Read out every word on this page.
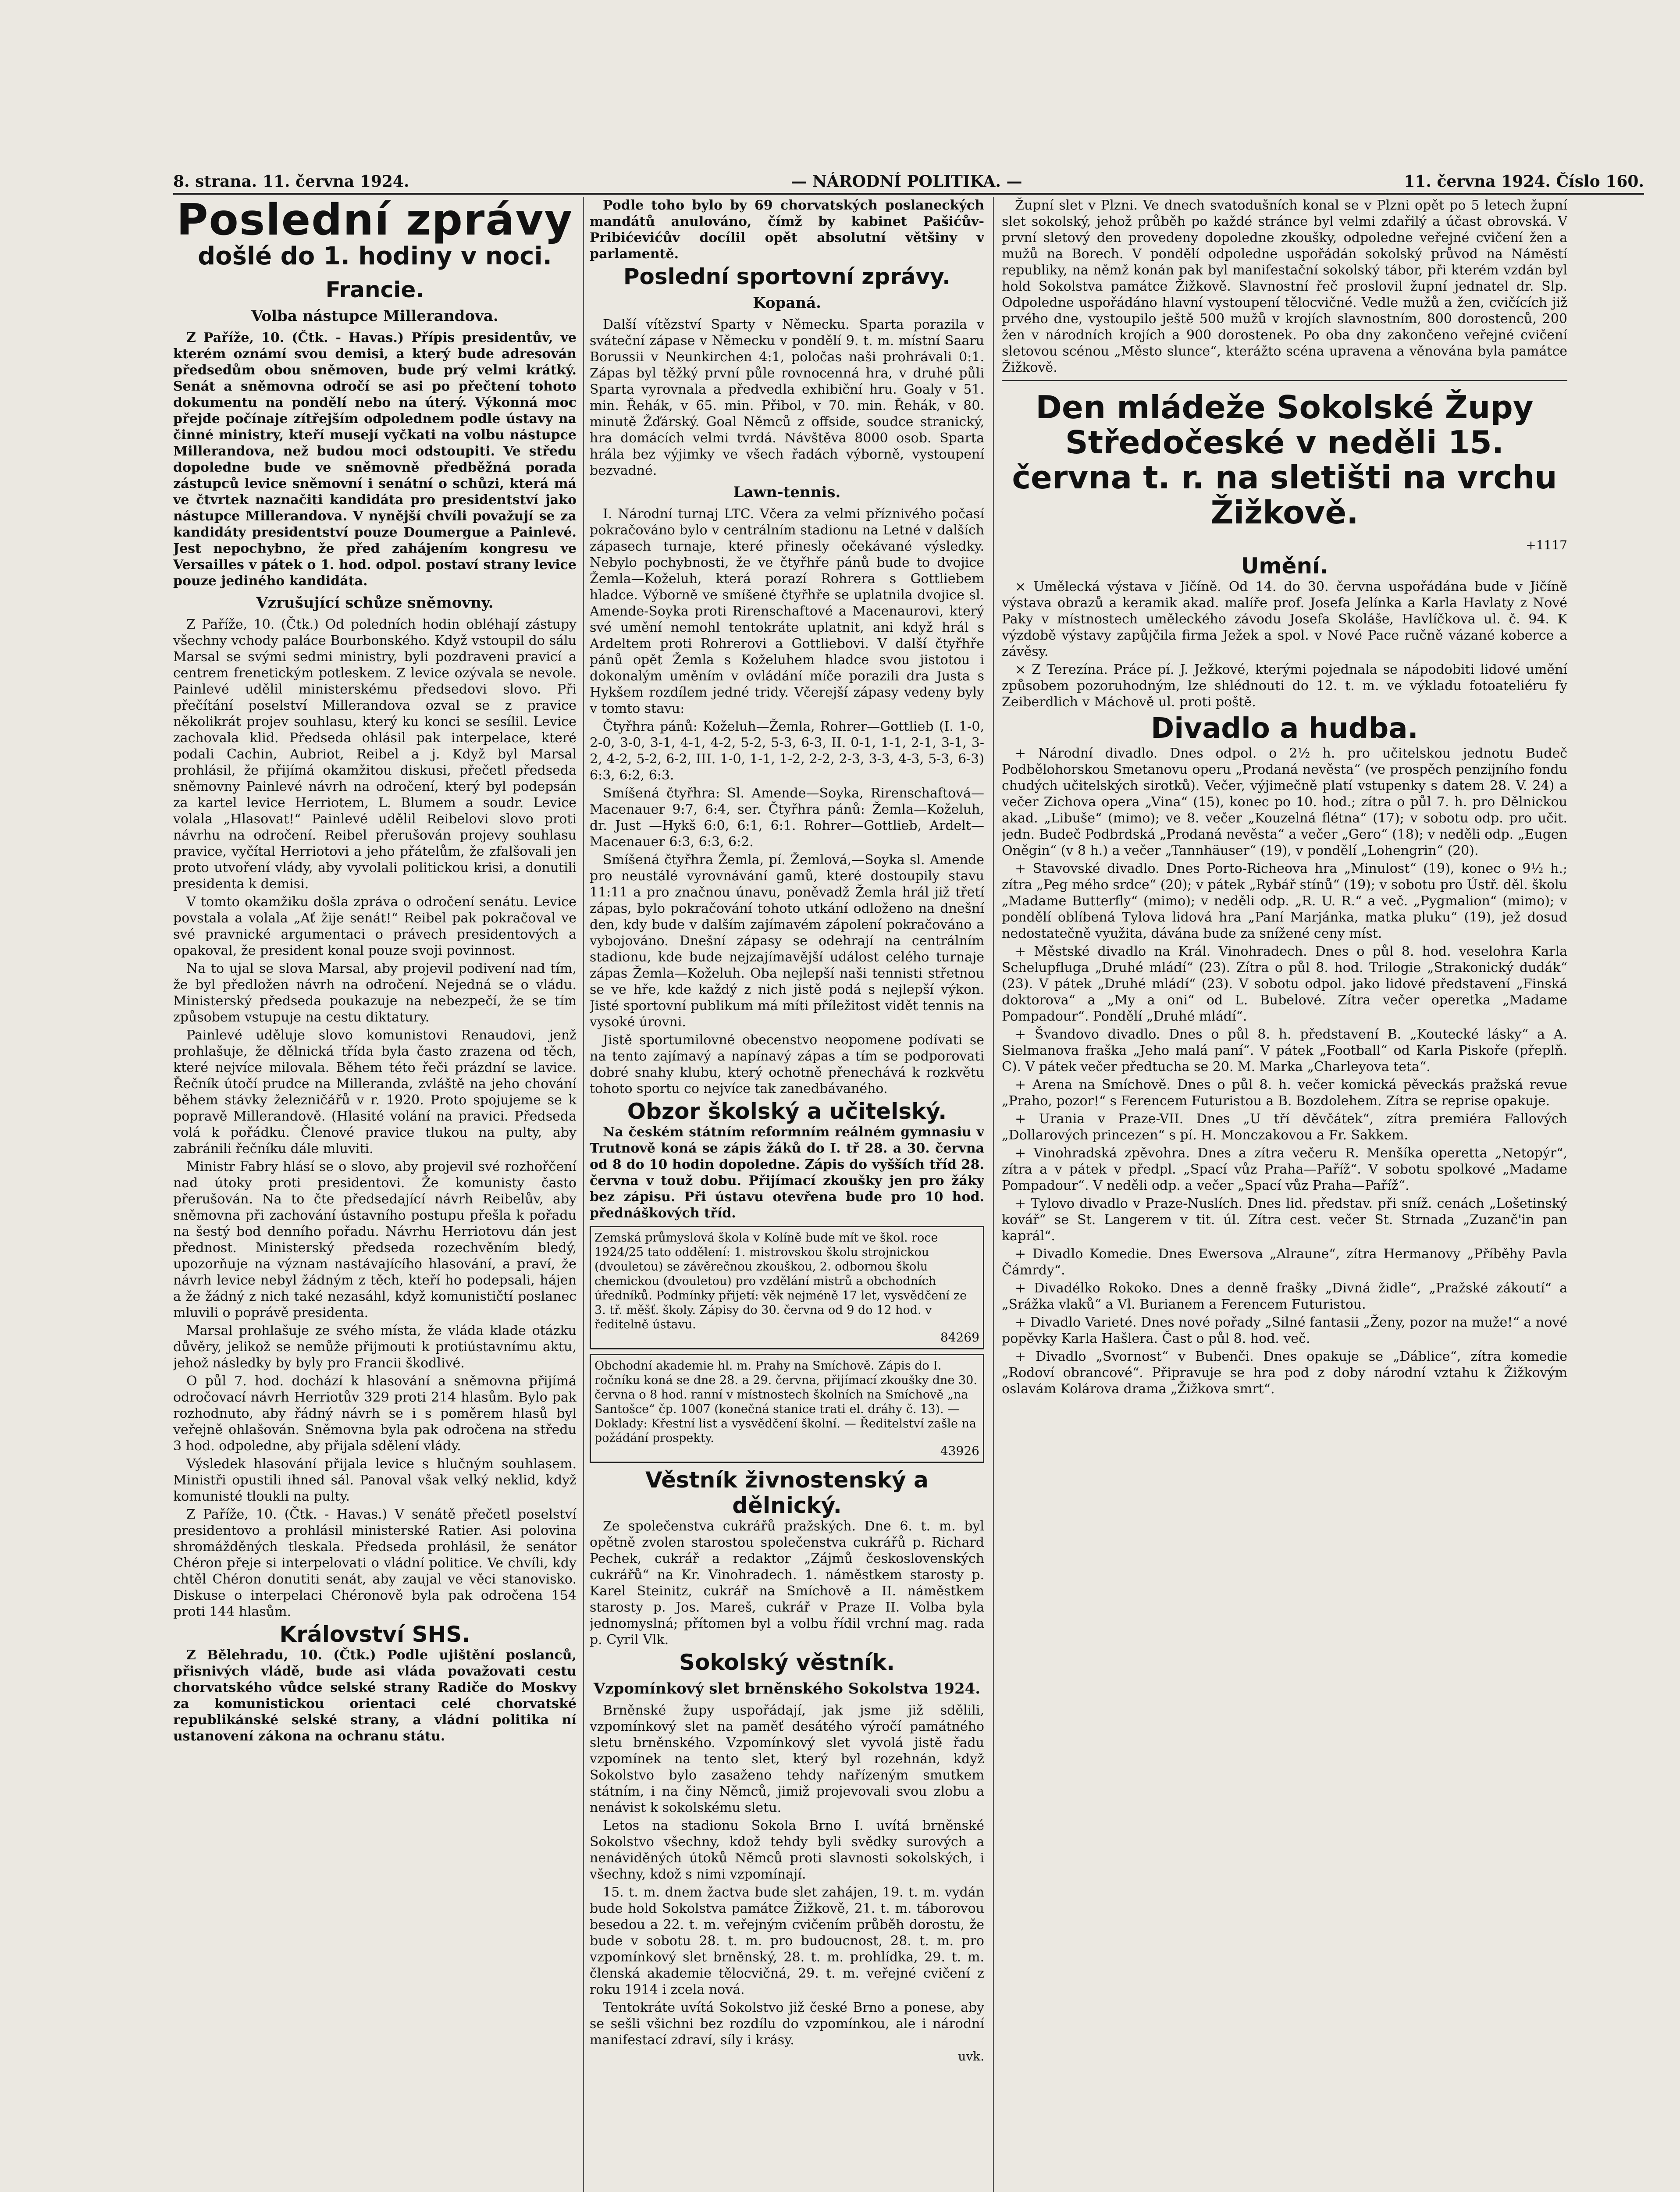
8. strana. 11. června 1924.	— NÁRODNÍ POLITIKA. —	11. června 1924. Číslo 160.
Poslední zprávy
došlé do 1. hodiny v noci.
Francie.
Volba nástupce Millerandova.

Z Paříže, 10. (Čtk. - Havas.) Přípis presidentův, ve kterém oznámí svou demisi, a který bude adresován předsedům obou sněmoven, bude prý velmi krátký. Senát a sněmovna odročí se asi po přečtení tohoto dokumentu na pondělí nebo na úterý. Výkonná moc přejde počínaje zítřejším odpolednem podle ústavy na činné ministry, kteří musejí vyčkati na volbu nástupce Millerandova, než budou moci odstoupiti. Ve středu dopoledne bude ve sněmovně předběžná porada zástupců levice sněmovní i senátní o schůzi, která má ve čtvrtek naznačiti kandidáta pro presidentství jako nástupce Millerandova. V nynější chvíli považují se za kandidáty presidentství pouze Doumergue a Painlevé. Jest nepochybno, že před zahájením kongresu ve Versailles v pátek o 1. hod. odpol. postaví strany levice pouze jediného kandidáta.

Vzrušující schůze sněmovny.

Z Paříže, 10. (Čtk.) Od poledních hodin obléhají zástupy všechny vchody paláce Bourbonského. Když vstoupil do sálu Marsal se svými sedmi ministry, byli pozdraveni pravicí a centrem frenetickým potleskem. Z levice ozývala se nevole. Painlevé udělil ministerskému předsedovi slovo. Při přečítání poselství Millerandova ozval se z pravice několikrát projev souhlasu, který ku konci se sesílil. Levice zachovala klid. Předseda ohlásil pak interpelace, které podali Cachin, Aubriot, Reibel a j. Když byl Marsal prohlásil, že přijímá okamžitou diskusi, přečetl předseda sněmovny Painlevé návrh na odročení, který byl podepsán za kartel levice Herriotem, L. Blumem a soudr. Levice volala „Hlasovat!“ Painlevé udělil Reibelovi slovo proti návrhu na odročení. Reibel přerušován projevy souhlasu pravice, vyčítal Herriotovi a jeho přátelům, že zfalšovali jen proto utvoření vlády, aby vyvolali politickou krisi, a donutili presidenta k demisi.

V tomto okamžiku došla zpráva o odročení senátu. Levice povstala a volala „Ať žije senát!“ Reibel pak pokračoval ve své pravnické argumentaci o právech presidentových a opakoval, že president konal pouze svoji povinnost.

Na to ujal se slova Marsal, aby projevil podivení nad tím, že byl předložen návrh na odročení. Nejedná se o vládu. Ministerský předseda poukazuje na nebezpečí, že se tím způsobem vstupuje na cestu diktatury.

Painlevé uděluje slovo komunistovi Renaudovi, jenž prohlašuje, že dělnická třída byla často zrazena od těch, které nejvíce milovala. Během této řeči prázdní se lavice. Řečník útočí prudce na Milleranda, zvláště na jeho chování během stávky železničářů v r. 1920. Proto spojujeme se k popravě Millerandově. (Hlasité volání na pravici. Předseda volá k pořádku. Členové pravice tlukou na pulty, aby zabránili řečníku dále mluviti.

Ministr Fabry hlásí se o slovo, aby projevil své rozhořčení nad útoky proti presidentovi. Že komunisty často přerušován. Na to čte předsedající návrh Reibelův, aby sněmovna při zachování ústavního postupu přešla k pořadu na šestý bod denního pořadu. Návrhu Herriotovu dán jest přednost. Ministerský předseda rozechvěním bledý, upozorňuje na význam nastávajícího hlasování, a praví, že návrh levice nebyl žádným z těch, kteří ho podepsali, hájen a že žádný z nich také nezasáhl, když komunističtí poslanec mluvili o poprávě presidenta.

Marsal prohlašuje ze svého místa, že vláda klade otázku důvěry, jelikož se nemůže přijmouti k protiústavnímu aktu, jehož následky by byly pro Francii škodlivé.

O půl 7. hod. dochází k hlasování a sněmovna přijímá odročovací návrh Herriotův 329 proti 214 hlasům. Bylo pak rozhodnuto, aby řádný návrh se i s poměrem hlasů byl veřejně ohlašován. Sněmovna byla pak odročena na středu 3 hod. odpoledne, aby přijala sdělení vlády.

Výsledek hlasování přijala levice s hlučným souhlasem. Ministři opustili ihned sál. Panoval však velký neklid, když komunisté tloukli na pulty.

Z Paříže, 10. (Čtk. - Havas.) V senátě přečetl poselství presidentovo a prohlásil ministerské Ratier. Asi polovina shromážděných tleskala. Předseda prohlásil, že senátor Chéron přeje si interpelovati o vládní politice. Ve chvíli, kdy chtěl Chéron donutiti senát, aby zaujal ve věci stanovisko. Diskuse o interpelaci Chéronově byla pak odročena 154 proti 144 hlasům.

Království SHS.

Z Bělehradu, 10. (Čtk.) Podle ujištění poslanců, přisnivých vládě, bude asi vláda považovati cestu chorvatského vůdce selské strany Radiče do Moskvy za komunistickou orientaci celé chorvatské republikánské selské strany, a vládní politika ní ustanovení zákona na ochranu státu.

Podle toho bylo by 69 chorvatských poslaneckých mandátů anulováno, čímž by kabinet Pašićův-Pribićevićův docílil opět absolutní většiny v parlamentě.

Poslední sportovní zprávy.
Kopaná.

Další vítězství Sparty v Německu. Sparta porazila v sváteční zápase v Německu v pondělí 9. t. m. místní Saaru Borussii v Neunkirchen 4:1, poločas naši prohrávali 0:1. Zápas byl těžký první půle rovnocenná hra, v druhé půli Sparta vyrovnala a předvedla exhibiční hru. Goaly v 51. min. Řehák, v 65. min. Přibol, v 70. min. Řehák, v 80. minutě Žďárský. Goal Němců z offside, soudce stranický, hra domácích velmi tvrdá. Návštěva 8000 osob. Sparta hrála bez výjimky ve všech řadách výborně, vystoupení bezvadné.

Lawn-tennis.

I. Národní turnaj LTC. Včera za velmi příznivého počasí pokračováno bylo v centrálním stadionu na Letné v dalších zápasech turnaje, které přinesly očekávané výsledky. Nebylo pochybnosti, že ve čtyřhře pánů bude to dvojice Žemla—Koželuh, která porazí Rohrera s Gottliebem hladce. Výborně ve smíšené čtyřhře se uplatnila dvojice sl. Amende-Soyka proti Rirenschaftové a Macenaurovi, který své umění nemohl tentokráte uplatnit, ani když hrál s Ardeltem proti Rohrerovi a Gottliebovi. V další čtyřhře pánů opět Žemla s Koželuhem hladce svou jistotou i dokonalým uměním v ovládání míče porazili dra Justa s Hykšem rozdílem jedné tridy. Včerejší zápasy vedeny byly v tomto stavu:

Čtyřhra pánů: Koželuh—Žemla, Rohrer—Gottlieb (I. 1-0, 2-0, 3-0, 3-1, 4-1, 4-2, 5-2, 5-3, 6-3, II. 0-1, 1-1, 2-1, 3-1, 3-2, 4-2, 5-2, 6-2, III. 1-0, 1-1, 1-2, 2-2, 2-3, 3-3, 4-3, 5-3, 6-3) 6:3, 6:2, 6:3.

Smíšená čtyřhra: Sl. Amende—Soyka, Rirenschaftová—Macenauer 9:7, 6:4, ser. Čtyřhra pánů: Žemla—Koželuh, dr. Just —Hykš 6:0, 6:1, 6:1. Rohrer—Gottlieb, Ardelt—Macenauer 6:3, 6:3, 6:2.

Smíšená čtyřhra Žemla, pí. Žemlová,—Soyka sl. Amende pro neustálé vyrovnávání gamů, které dostoupily stavu 11:11 a pro značnou únavu, poněvadž Žemla hrál již třetí zápas, bylo pokračování tohoto utkání odloženo na dnešní den, kdy bude v dalším zajímavém zápolení pokračováno a vybojováno. Dnešní zápasy se odehrají na centrálním stadionu, kde bude nejzajímavější událost celého turnaje zápas Žemla—Koželuh. Oba nejlepší naši tennisti střetnou se ve hře, kde každý z nich jistě podá s nejlepší výkon. Jisté sportovní publikum má míti příležitost vidět tennis na vysoké úrovni.

Jistě sportumilovné obecenstvo neopomene podívati se na tento zajímavý a napínavý zápas a tím se podporovati dobré snahy klubu, který ochotně přenechává k rozkvětu tohoto sportu co nejvíce tak zanedbávaného.

Obzor školský a učitelský.

Na českém státním reformním reálném gymnasiu v Trutnově koná se zápis žáků do I. tř 28. a 30. června od 8 do 10 hodin dopoledne. Zápis do vyšších tříd 28. června v touž dobu. Přijímací zkoušky jen pro žáky bez zápisu. Při ústavu otevřena bude pro 10 hod. přednáškových tříd.

Zemská průmyslová škola v Kolíně bude mít ve škol. roce 1924/25 tato oddělení: 1. mistrovskou školu strojnickou (dvouletou) se závěrečnou zkouškou, 2. odbornou školu chemickou (dvouletou) pro vzdělání mistrů a obchodních úředníků. Podmínky přijetí: věk nejméně 17 let, vysvědčení ze 3. tř. měšť. školy. Zápisy do 30. června od 9 do 12 hod. v ředitelně ústavu.
84269
Obchodní akademie hl. m. Prahy na Smíchově. Zápis do I. ročníku koná se dne 28. a 29. června, přijímací zkoušky dne 30. června o 8 hod. ranní v místnostech školních na Smíchově „na Santošce“ čp. 1007 (konečná stanice trati el. dráhy č. 13). — Doklady: Křestní list a vysvědčení školní. — Ředitelství zašle na požádání prospekty.
43926
Věstník živnostenský a dělnický.

Ze společenstva cukrářů pražských. Dne 6. t. m. byl opětně zvolen starostou společenstva cukrářů p. Richard Pechek, cukrář a redaktor „Zájmů československých cukrářů“ na Kr. Vinohradech. 1. náměstkem starosty p. Karel Steinitz, cukrář na Smíchově a II. náměstkem starosty p. Jos. Mareš, cukrář v Praze II. Volba byla jednomyslná; přítomen byl a volbu řídil vrchní mag. rada p. Cyril Vlk.

Sokolský věstník.
Vzpomínkový slet brněnského Sokolstva 1924.

Brněnské župy uspořádají, jak jsme již sdělili, vzpomínkový slet na paměť desátého výročí památného sletu brněnského. Vzpomínkový slet vyvolá jistě řadu vzpomínek na tento slet, který byl rozehnán, když Sokolstvo bylo zasaženo tehdy nařízeným smutkem státním, i na činy Němců, jimiž projevovali svou zlobu a nenávist k sokolskému sletu.

Letos na stadionu Sokola Brno I. uvítá brněnské Sokolstvo všechny, kdož tehdy byli svědky surových a nenáviděných útoků Němců proti slavnosti sokolských, i všechny, kdož s nimi vzpomínají.

15. t. m. dnem žactva bude slet zahájen, 19. t. m. vydán bude hold Sokolstva památce Žižkově, 21. t. m. táborovou besedou a 22. t. m. veřejným cvičením průběh dorostu, že bude v sobotu 28. t. m. pro budoucnost, 28. t. m. pro vzpomínkový slet brněnský, 28. t. m. prohlídka, 29. t. m. členská akademie tělocvičná, 29. t. m. veřejné cvičení z roku 1914 i zcela nová.

Tentokráte uvítá Sokolstvo již české Brno a ponese, aby se sešli všichni bez rozdílu do vzpomínkou, ale i národní manifestací zdraví, síly i krásy.

uvk.

Župní slet v Plzni. Ve dnech svatodušních konal se v Plzni opět po 5 letech župní slet sokolský, jehož průběh po každé stránce byl velmi zdařilý a účast obrovská. V první sletový den provedeny dopoledne zkoušky, odpoledne veřejné cvičení žen a mužů na Borech. V pondělí odpoledne uspořádán sokolský průvod na Náměstí republiky, na němž konán pak byl manifestační sokolský tábor, při kterém vzdán byl hold Sokolstva památce Žižkově. Slavnostní řeč proslovil župní jednatel dr. Slp. Odpoledne uspořádáno hlavní vystoupení tělocvičné. Vedle mužů a žen, cvičících již prvého dne, vystoupilo ještě 500 mužů v krojích slavnostním, 800 dorostenců, 200 žen v národních krojích a 900 dorostenek. Po oba dny zakončeno veřejné cvičení sletovou scénou „Město slunce“, kterážto scéna upravena a věnována byla památce Žižkově.

Den mládeže Sokolské Župy Středočeské v neděli 15. června t. r. na sletišti na vrchu Žižkově.
+1117
Umění.

× Umělecká výstava v Jičíně. Od 14. do 30. června uspořádána bude v Jičíně výstava obrazů a keramik akad. malíře prof. Josefa Jelínka a Karla Havlaty z Nové Paky v místnostech uměleckého závodu Josefa Skoláše, Havlíčkova ul. č. 94. K výzdobě výstavy zapůjčila firma Ježek a spol. v Nové Pace ručně vázané koberce a závěsy.

× Z Terezína. Práce pí. J. Ježkové, kterými pojednala se nápodobiti lidové umění způsobem pozoruhodným, lze shlédnouti do 12. t. m. ve výkladu fotoateliéru fy Zeiberdlich v Máchově ul. proti poště.

Divadlo a hudba.

+ Národní divadlo. Dnes odpol. o 2½ h. pro učitelskou jednotu Budeč Podbělohorskou Smetanovu operu „Prodaná nevěsta“ (ve prospěch penzijního fondu chudých učitelských sirotků). Večer, výjimečně platí vstupenky s datem 28. V. 24) a večer Zichova opera „Vina“ (15), konec po 10. hod.; zítra o půl 7. h. pro Dělnickou akad. „Libuše“ (mimo); ve 8. večer „Kouzelná flétna“ (17); v sobotu odp. pro učit. jedn. Budeč Podbrdská „Prodaná nevěsta“ a večer „Gero“ (18); v neděli odp. „Eugen Oněgin“ (v 8 h.) a večer „Tannhäuser“ (19), v pondělí „Lohengrin“ (20).

+ Stavovské divadlo. Dnes Porto-Richeova hra „Minulost“ (19), konec o 9½ h.; zítra „Peg mého srdce“ (20); v pátek „Rybář stínů“ (19); v sobotu pro Ústř. děl. školu „Madame Butterfly“ (mimo); v neděli odp. „R. U. R.“ a več. „Pygmalion“ (mimo); v pondělí oblíbená Tylova lidová hra „Paní Marjánka, matka pluku“ (19), jež dosud nedostatečně využita, dávána bude za snížené ceny míst.

+ Městské divadlo na Král. Vinohradech. Dnes o půl 8. hod. veselohra Karla Schelupfluga „Druhé mládí“ (23). Zítra o půl 8. hod. Trilogie „Strakonický dudák“ (23). V pátek „Druhé mládí“ (23). V sobotu odpol. jako lidové představení „Finská doktorova“ a „My a oni“ od L. Bubelové. Zítra večer operetka „Madame Pompadour“. Pondělí „Druhé mládí“.

+ Švandovo divadlo. Dnes o půl 8. h. představení B. „Koutecké lásky“ a A. Sielmanova fraška „Jeho malá paní“. V pátek „Football“ od Karla Piskoře (přeplň. C). V pátek večer předtucha se 20. M. Marka „Charleyova teta“.

+ Arena na Smíchově. Dnes o půl 8. h. večer komická pěveckás pražská revue „Praho, pozor!“ s Ferencem Futuristou a B. Bozdolehem. Zítra se reprise opakuje.

+ Urania v Praze-VII. Dnes „U tří děvčátek“, zítra premiéra Fallových „Dollarových princezen“ s pí. H. Monczakovou a Fr. Sakkem.

+ Vinohradská zpěvohra. Dnes a zítra večeru R. Menšíka operetta „Netopýr“, zítra a v pátek v předpl. „Spací vůz Praha—Paříž“. V sobotu spolkové „Madame Pompadour“. V neděli odp. a večer „Spací vůz Praha—Paříž“.

+ Tylovo divadlo v Praze-Nuslích. Dnes lid. představ. při sníž. cenách „Lošetinský kovář“ se St. Langerem v tit. úl. Zítra cest. večer St. Strnada „Zuzanč'in pan kaprál“.

+ Divadlo Komedie. Dnes Ewersova „Alraune“, zítra Hermanovy „Příběhy Pavla Čámrdy“.

+ Divadélko Rokoko. Dnes a denně frašky „Divná židle“, „Pražské zákoutí“ a „Srážka vlaků“ a Vl. Burianem a Ferencem Futuristou.

+ Divadlo Varieté. Dnes nové pořady „Silné fantasii „Ženy, pozor na muže!“ a nové popěvky Karla Hašlera. Čast o půl 8. hod. več.

+ Divadlo „Svornost“ v Bubenči. Dnes opakuje se „Dáblice“, zítra komedie „Rodoví obrancové“. Připravuje se hra pod z doby národní vztahu k Žižkovým oslavám Kolárova drama „Žižkova smrt“.
